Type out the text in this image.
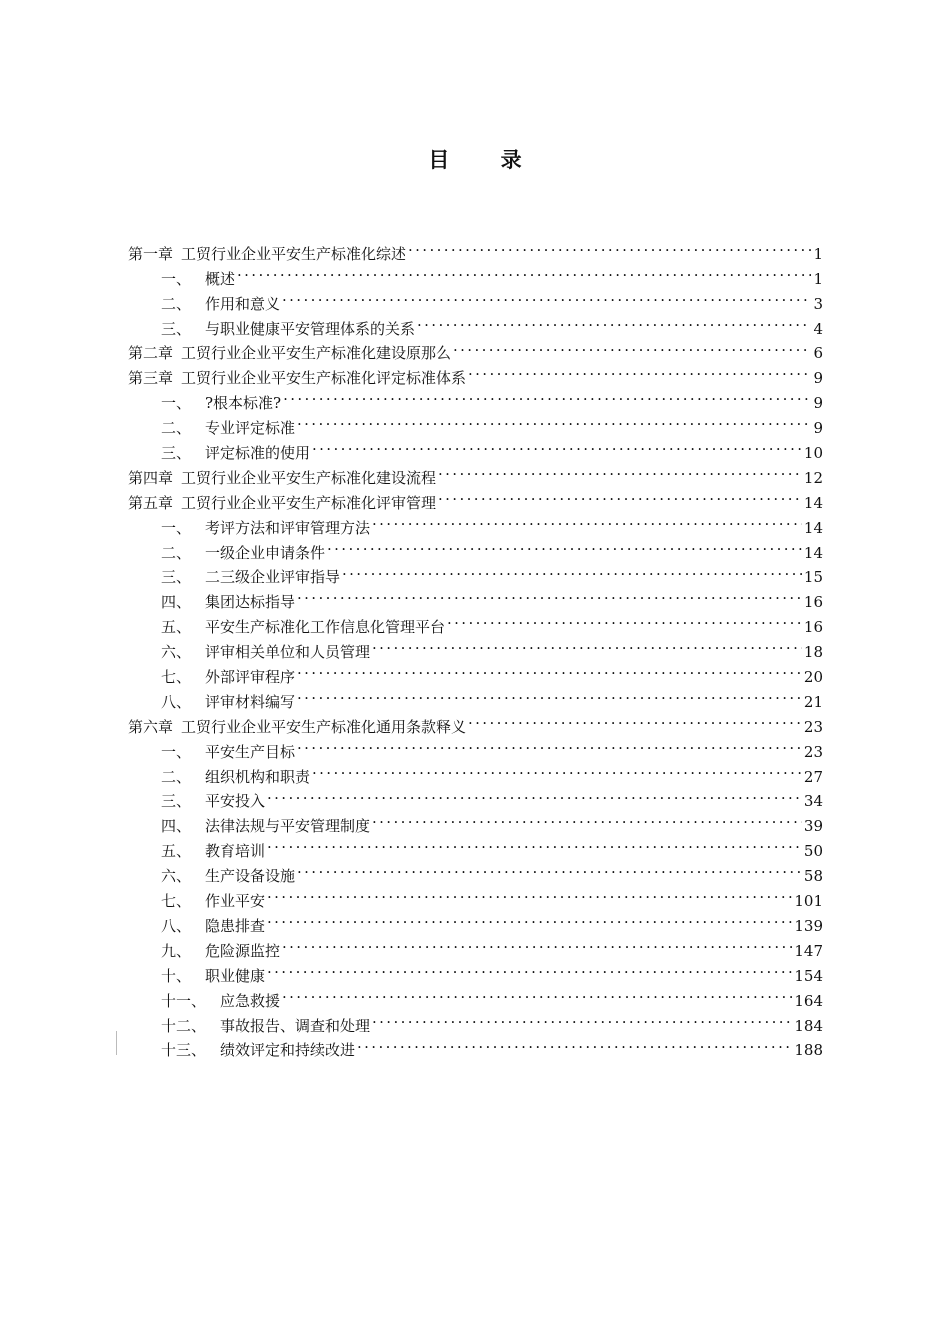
目 录
第一章 工贸行业企业平安生产标准化综述 . . .	1
一、 概述 . . .	1
二、 作用和意义 . . .	3
三、 与职业健康平安管理体系的关系 . . .	4
第二章 工贸行业企业平安生产标准化建设原那么 . . .	6
第三章 工贸行业企业平安生产标准化评定标准体系 . . .	9
一、 ?根本标准? . . .	9
二、 专业评定标准 . . .	9
三、 评定标准的使用 . . .	10
第四章 工贸行业企业平安生产标准化建设流程 . . .	12
第五章 工贸行业企业平安生产标准化评审管理 . . .	14
一、 考评方法和评审管理方法 . . .	14
二、 一级企业申请条件 . . .	14
三、 二三级企业评审指导 . . .	15
四、 集团达标指导 . . .	16
五、 平安生产标准化工作信息化管理平台 . . .	16
六、 评审相关单位和人员管理 . . .	18
七、 外部评审程序 . . .	20
八、 评审材料编写 . . .	21
第六章 工贸行业企业平安生产标准化通用条款释义 . . .	23
一、 平安生产目标 . . .	23
二、 组织机构和职责 . . .	27
三、 平安投入 . . .	34
四、 法律法规与平安管理制度 . . .	39
五、 教育培训 . . .	50
六、 生产设备设施 . . .	58
七、 作业平安 . . .	101
八、 隐患排查 . . .	139
九、 危险源监控 . . .	147
十、 职业健康 . . .	154
十一、 应急救援 . . .	164
十二、 事故报告、调查和处理 . . .	184
十三、 绩效评定和持续改进 . . .	188
